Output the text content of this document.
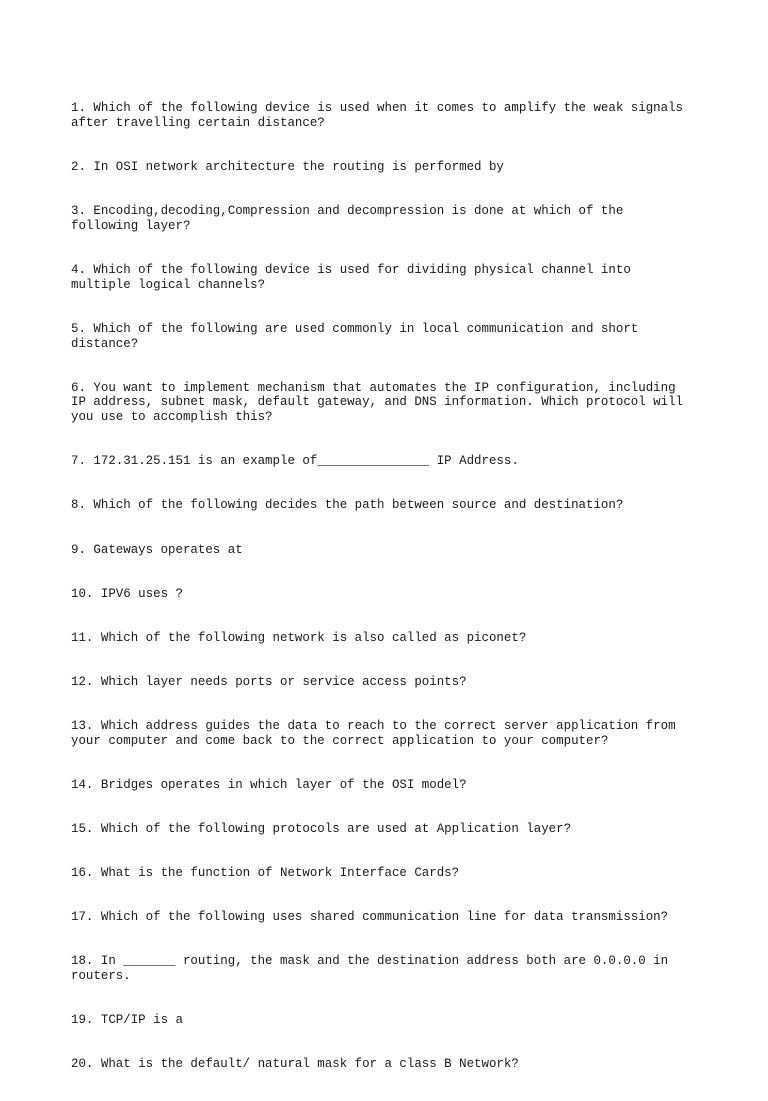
1. Which of the following device is used when it comes to amplify the weak signals
after travelling certain distance?

2. In OSI network architecture the routing is performed by

3. Encoding,decoding,Compression and decompression is done at which of the
following layer?

4. Which of the following device is used for dividing physical channel into
multiple logical channels?

5. Which of the following are used commonly in local communication and short
distance?

6. You want to implement mechanism that automates the IP configuration, including
IP address, subnet mask, default gateway, and DNS information. Which protocol will
you use to accomplish this?

7. 172.31.25.151 is an example of_______________ IP Address.

8. Which of the following decides the path between source and destination?

9. Gateways operates at

10. IPV6 uses ?

11. Which of the following network is also called as piconet?

12. Which layer needs ports or service access points?

13. Which address guides the data to reach to the correct server application from
your computer and come back to the correct application to your computer?

14. Bridges operates in which layer of the OSI model?

15. Which of the following protocols are used at Application layer?

16. What is the function of Network Interface Cards?

17. Which of the following uses shared communication line for data transmission?

18. In _______ routing, the mask and the destination address both are 0.0.0.0 in
routers.

19. TCP/IP is a

20. What is the default/ natural mask for a class B Network?
